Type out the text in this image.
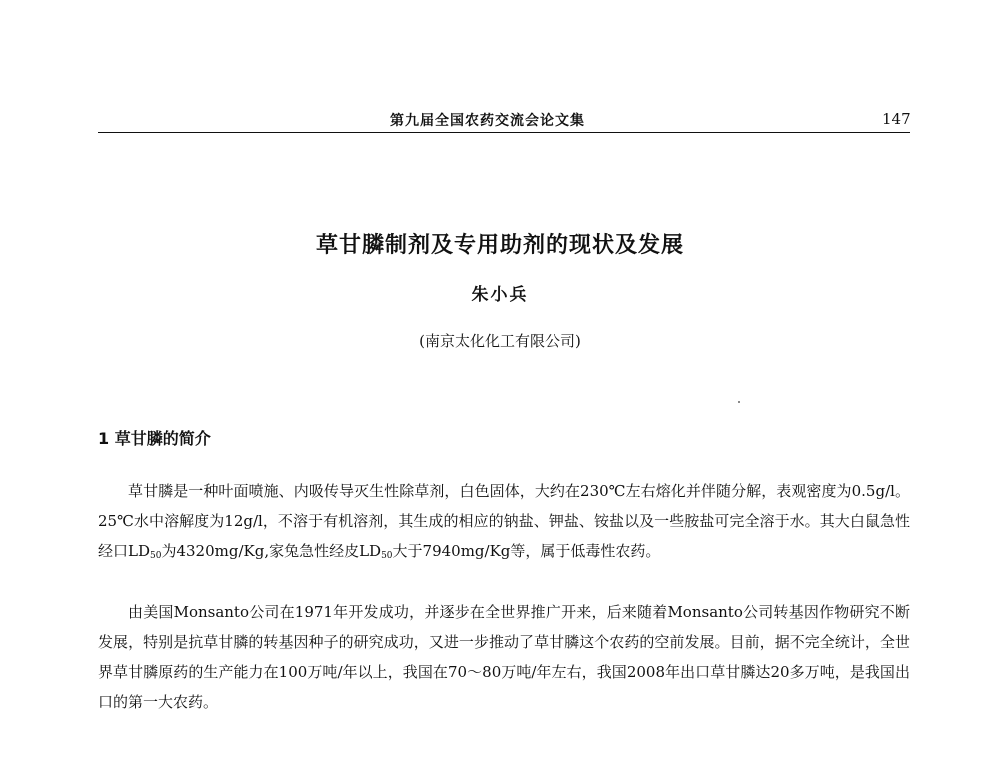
第九届全国农药交流会论文集	147
草甘膦制剂及专用助剂的现状及发展
朱小兵
(南京太化化工有限公司)
1 草甘膦的简介

草甘膦是一种叶面喷施、内吸传导灭生性除草剂，白色固体，大约在230℃左右熔化并伴随分解，表观密度为0.5g/l。25℃水中溶解度为12g/l，不溶于有机溶剂，其生成的相应的钠盐、钾盐、铵盐以及一些胺盐可完全溶于水。其大白鼠急性经口$LD_{50}$为4320mg/Kg,家兔急性经皮$LD_{50}$大于7940mg/Kg等，属于低毒性农药。

由美国Monsanto公司在1971年开发成功，并逐步在全世界推广开来，后来随着Monsanto公司转基因作物研究不断发展，特别是抗草甘膦的转基因种子的研究成功，又进一步推动了草甘膦这个农药的空前发展。目前，据不完全统计，全世界草甘膦原药的生产能力在100万吨/年以上，我国在70～80万吨/年左右，我国2008年出口草甘膦达20多万吨，是我国出口的第一大农药。
